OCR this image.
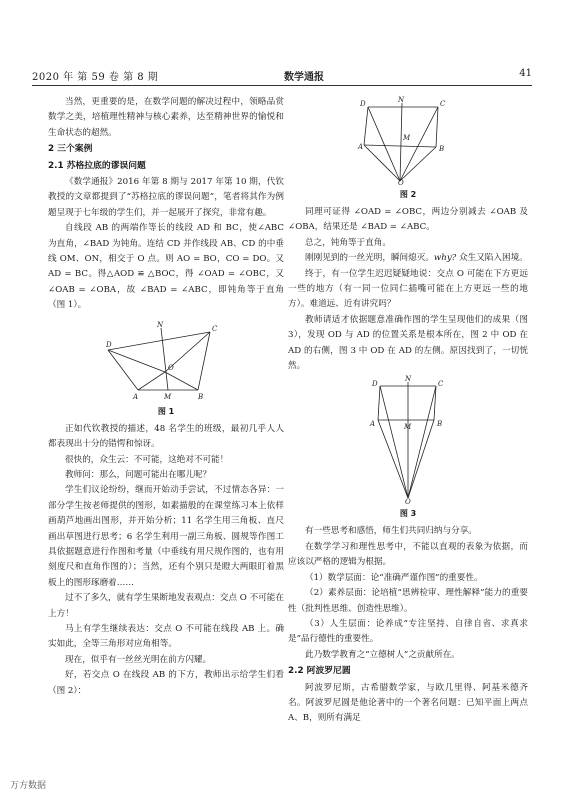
2020 年 第 59 卷 第 8 期	数学通报	41

当然，更重要的是，在数学问题的解决过程中，领略品赏数学之美，培植理性精神与核心素养，达至精神世界的愉悦和生命状态的超然。

2 三个案例
2.1 苏格拉底的谬误问题

《数学通报》2016 年第 8 期与 2017 年第 10 期，代钦教授的文章都提到了“苏格拉底的谬误问题”，笔者将其作为例题呈现于七年级的学生们，并一起展开了探究，非常有趣。

自线段 AB 的两端作等长的线段 AD 和 BC，使∠ABC 为直角，∠BAD 为钝角。连结 CD 并作线段 AB、CD 的中垂线 OM、ON，相交于 O 点。则 AO = BO，CO = DO。又 AD = BC。得△AOD ≌ △BOC，得 ∠OAD = ∠OBC，又 ∠OAB = ∠OBA，故 ∠BAD = ∠ABC，即钝角等于直角（图 1）。

D
C
N
O
A	M	B
图 1

正如代钦教授的描述，48 名学生的班级，最初几乎人人都表现出十分的错愕和惊讶。

很快的，众生云：不可能，这绝对不可能！

教师问：那么，问题可能出在哪儿呢？

学生们议论纷纷，继而开始动手尝试，不过情态各异：一部分学生按老师提供的图形，如素描般的在课堂练习本上依样画葫芦地画出图形，并开始分析；11 名学生用三角板、直尺画出草图进行思考；6 名学生利用一副三角板、圆规等作图工具依据题意进行作图和考量（中垂线有用尺规作图的，也有用刻度尺和直角作图的）；当然，还有个别只是瞪大两眼盯着黑板上的图形琢磨着……

过不了多久，就有学生果断地发表观点：交点 O 不可能在上方！

马上有学生继续表达：交点 O 不可能在线段 AB 上。确实如此，全等三角形对应角相等。

现在，似乎有一丝丝光明在前方闪耀。

好，若交点 O 在线段 AB 的下方，教师出示给学生们看（图 2）：

D	C
N
A
M
B
O
图 2

同理可证得 ∠OAD = ∠OBC，两边分别减去 ∠OAB 及 ∠OBA，结果还是 ∠BAD = ∠ABC。

总之，钝角等于直角。

刚刚见到的一丝光明，瞬间熄灭。why? 众生又陷入困境。

终于，有一位学生迟迟疑疑地说：交点 O 可能在下方更远一些的地方（有一同一位同仁插嘴可能在上方更远一些的地方）。难道远、近有讲究吗？

教师请适才依据题意准确作图的学生呈现他们的成果（图 3），发现 OD 与 AD 的位置关系是根本所在，图 2 中 OD 在 AD 的右侧，图 3 中 OD 在 AD 的左侧。原因找到了，一切恍然。

D	C
N
A	M	B
O
图 3

有一些思考和感悟，师生们共同归纳与分享。

在数学学习和理性思考中，不能以直观的表象为依据，而应该以严格的逻辑为根据。

（1）数学层面：论“准确严谨作图”的重要性。

（2）素养层面：论培植“思辨检审、理性解释”能力的重要性（批判性思维、创造性思维）。

（3）人生层面：论养成“专注坚持、自律自省、求真求是”品行德性的重要性。

此乃数学教育之“立德树人”之贡献所在。

2.2 阿波罗尼圆

阿波罗尼斯，古希腊数学家，与欧几里得、阿基米德齐名。阿波罗尼圆是他论著中的一个著名问题：已知平面上两点 A、B，则所有满足

万方数据
